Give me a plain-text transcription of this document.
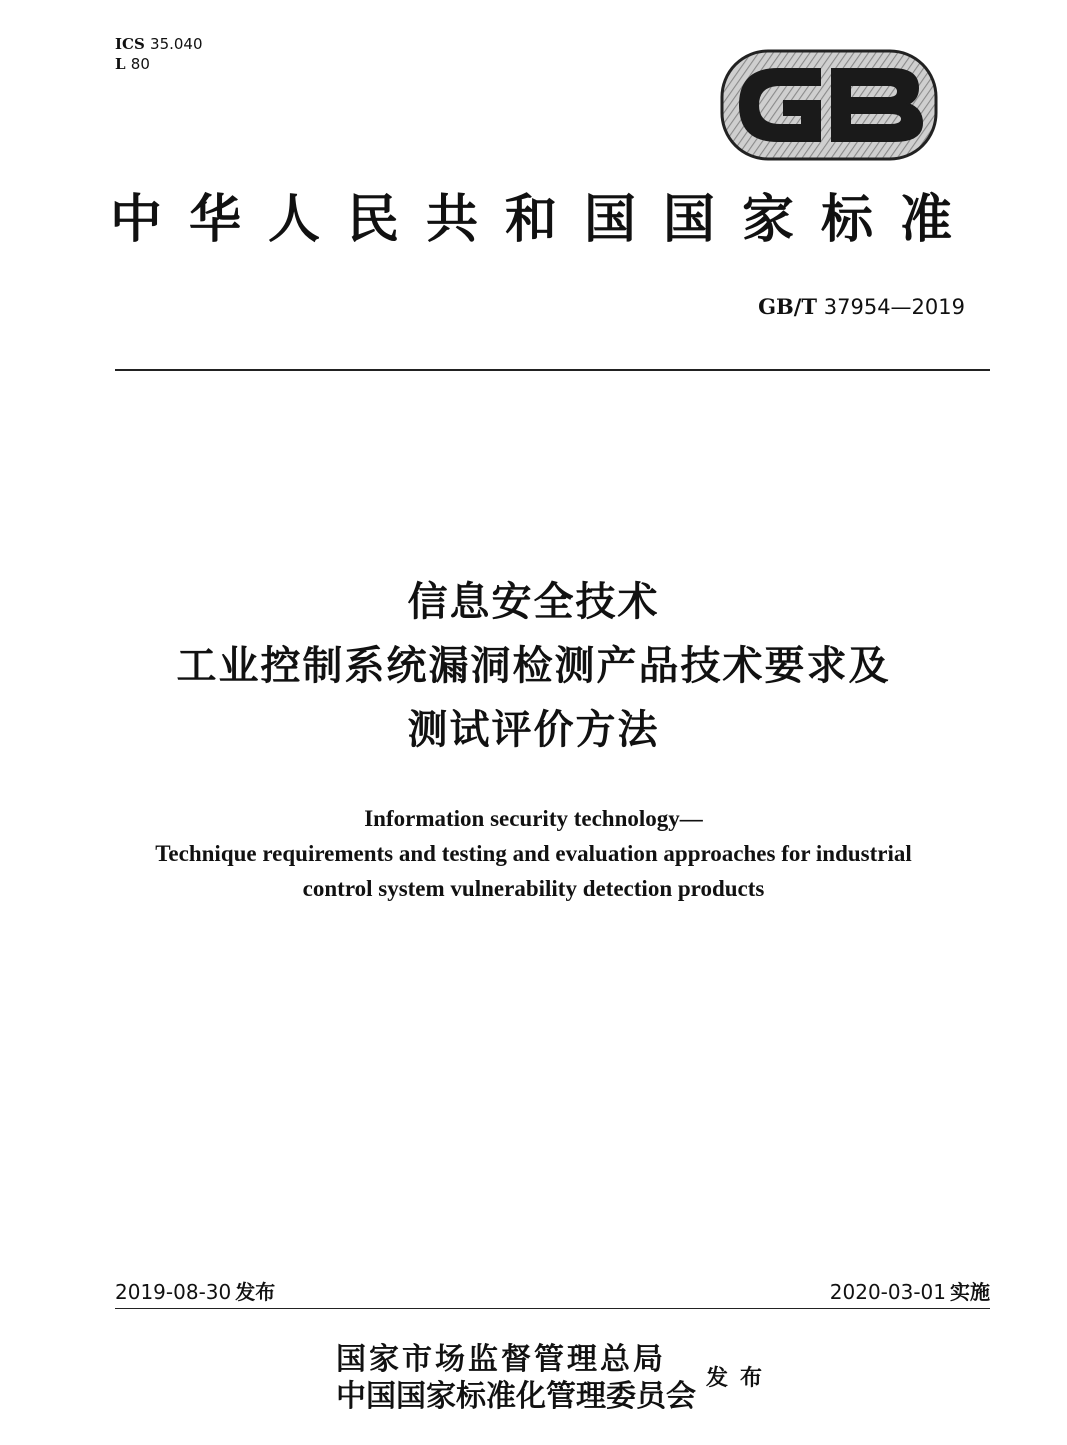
ICS 35.040
L 80
中华人民共和国国家标准
GB/T 37954—2019
信息安全技术
工业控制系统漏洞检测产品技术要求及
测试评价方法
Information security technology—
Technique requirements and testing and evaluation approaches for industrial
control system vulnerability detection products
2019-08-30 发布	2020-03-01 实施
国家市场监督管理总局
中国国家标准化管理委员会
发布
